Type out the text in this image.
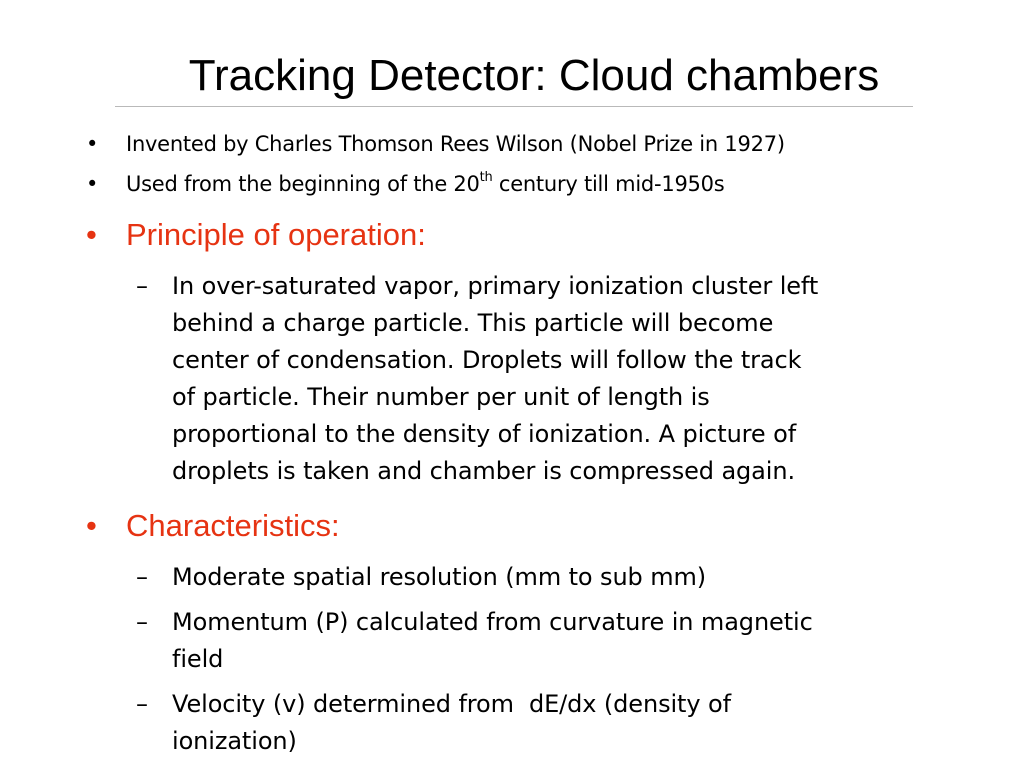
Tracking Detector: Cloud chambers
• Invented by Charles Thomson Rees Wilson (Nobel Prize in 1927)
• Used from the beginning of the 20th century till mid-1950s
• Principle of operation:
– In over-saturated vapor, primary ionization cluster left
behind a charge particle. This particle will become
center of condensation. Droplets will follow the track
of particle. Their number per unit of length is
proportional to the density of ionization. A picture of
droplets is taken and chamber is compressed again.
• Characteristics:
– Moderate spatial resolution (mm to sub mm)
– Momentum (P) calculated from curvature in magnetic
field
– Velocity (v) determined from  dE/dx (density of
ionization)
